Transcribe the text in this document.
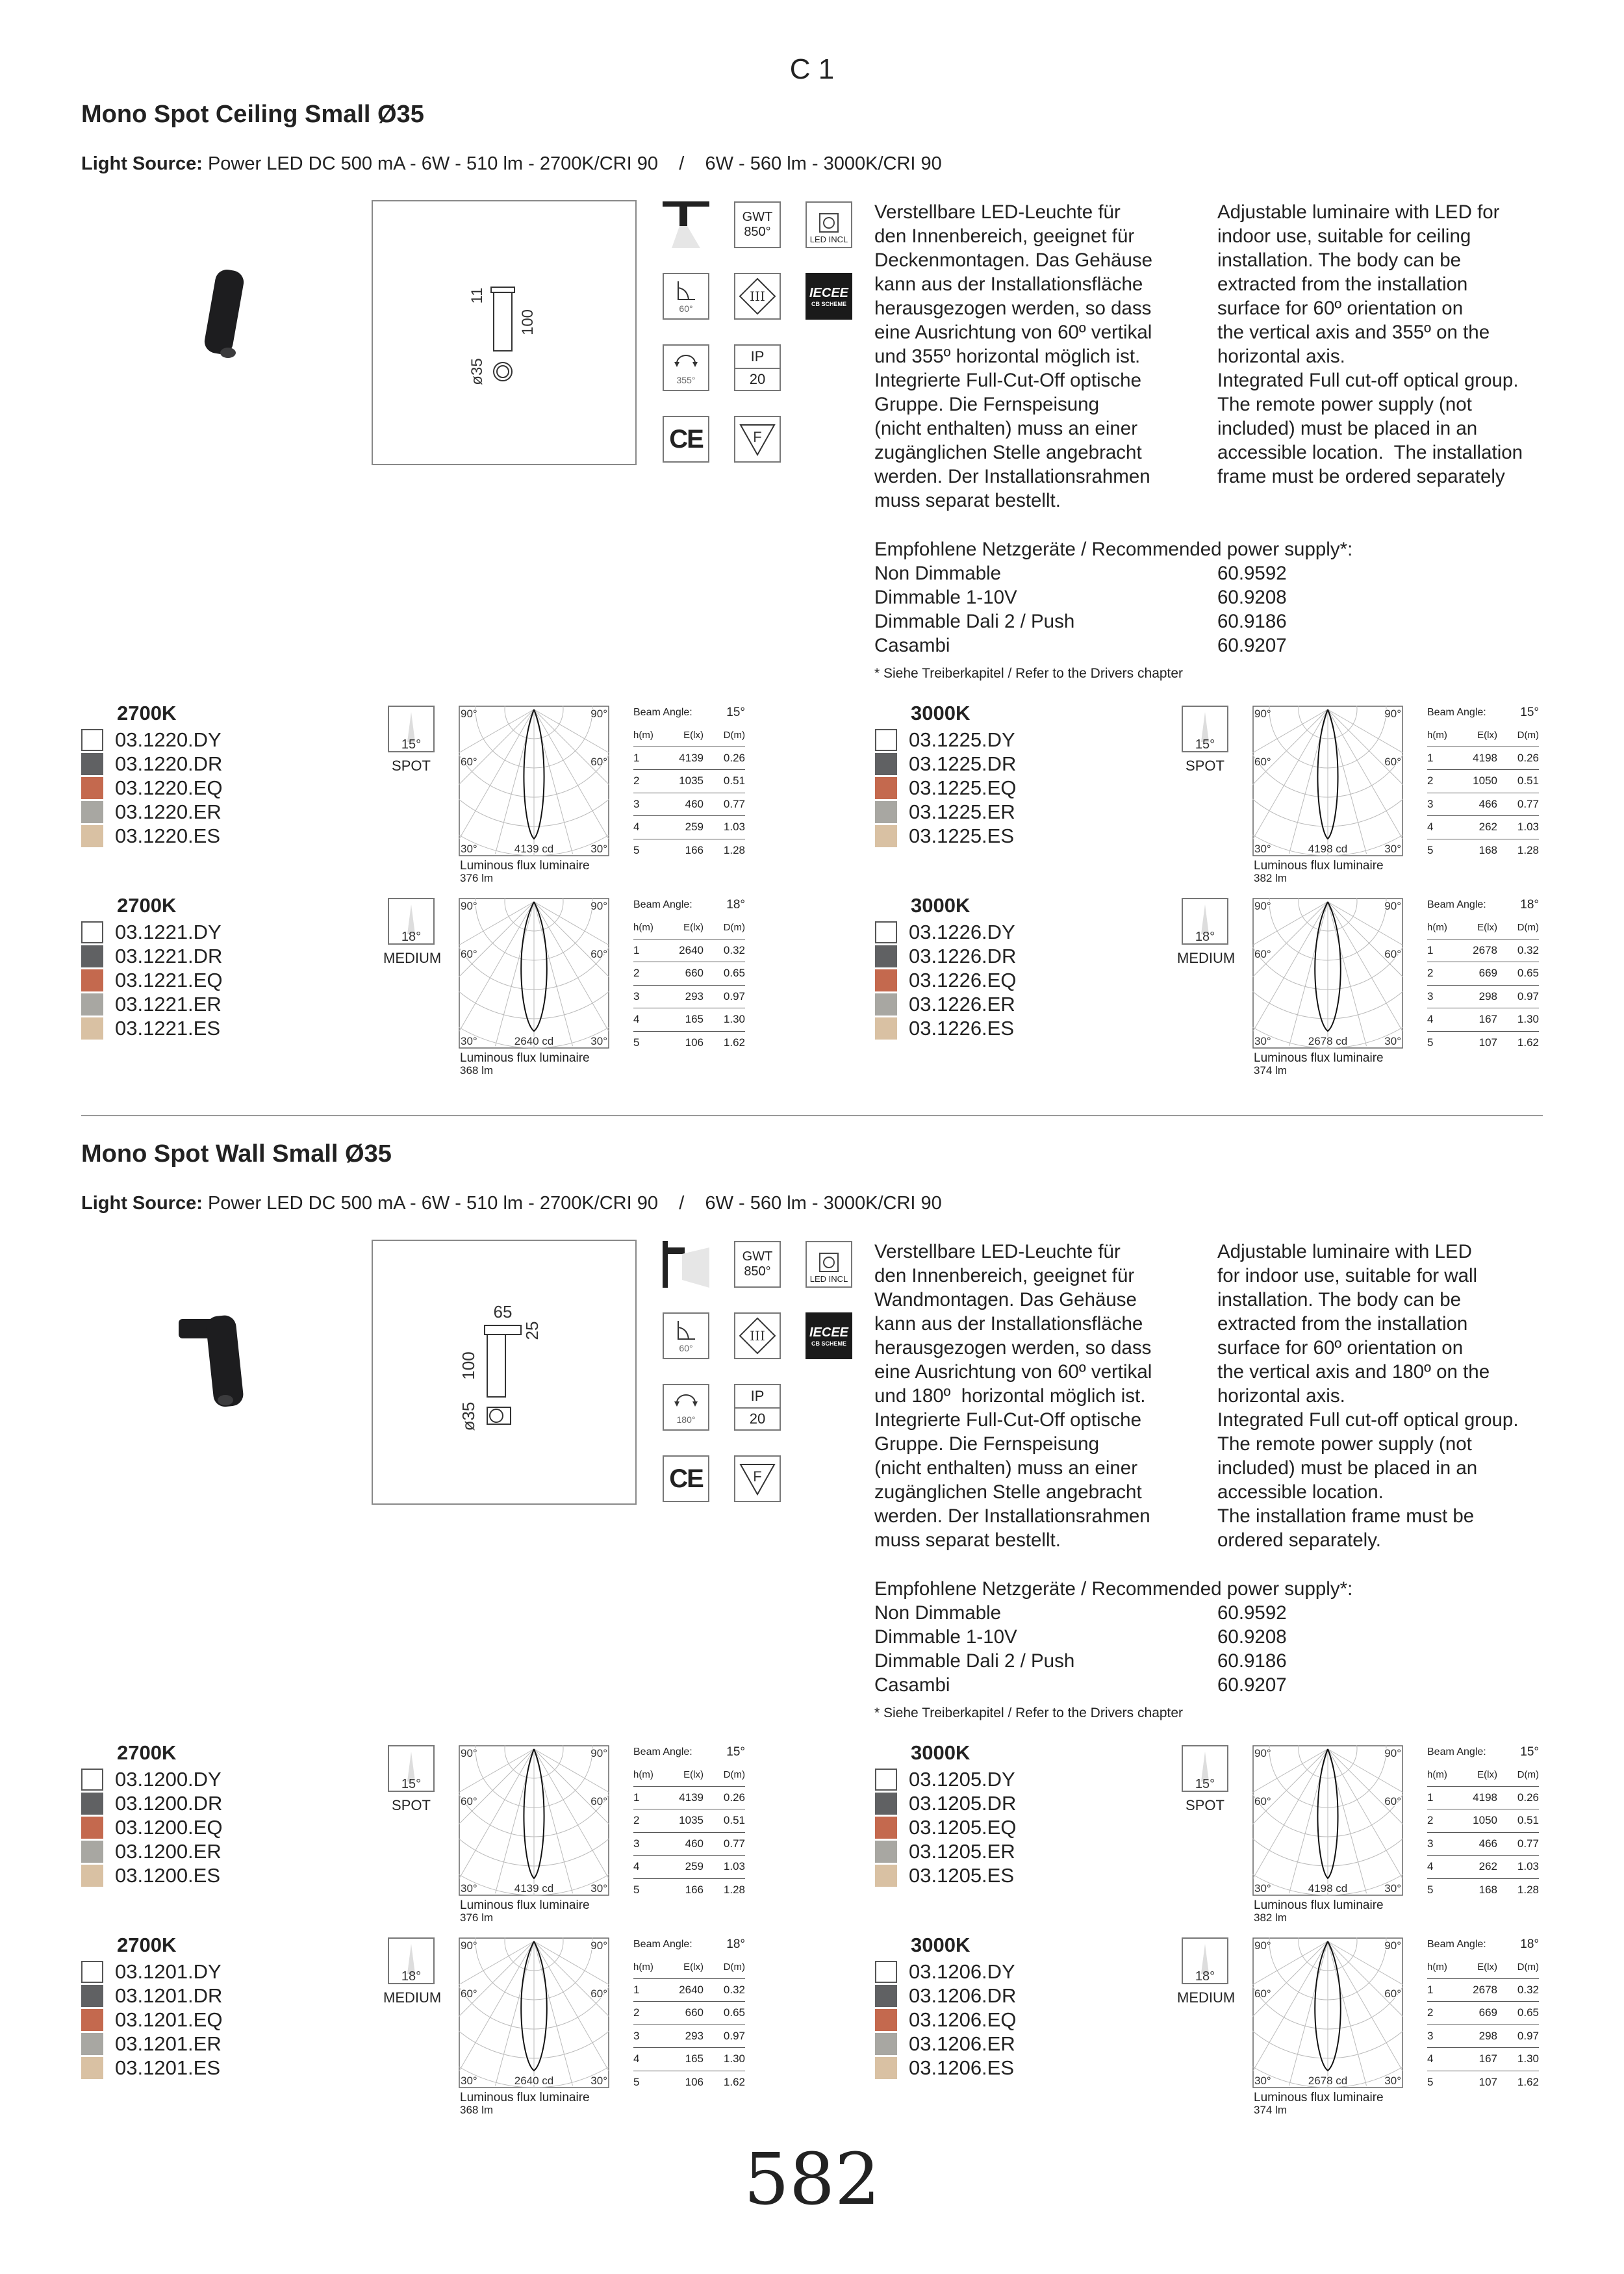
C 1
Mono Spot Ceiling Small Ø35
Light Source: Power LED DC 500 mA - 6W - 510 lm - 2700K/CRI 90    /    6W - 560 lm - 3000K/CRI 90
11
100
ø35
GWT
850°
LED INCL
60°
III	IECEE
CB SCHEME
355°
IP
20
CE	F
Verstellbare LED-Leuchte für
den Innenbereich, geeignet für
Deckenmontagen. Das Gehäuse
kann aus der Installationsfläche
herausgezogen werden, so dass
eine Ausrichtung von 60º vertikal
und 355º horizontal möglich ist.
Integrierte Full-Cut-Off optische
Gruppe. Die Fernspeisung
(nicht enthalten) muss an einer
zugänglichen Stelle angebracht
werden. Der Installationsrahmen
muss separat bestellt.
Adjustable luminaire with LED for
indoor use, suitable for ceiling
installation. The body can be
extracted from the installation
surface for 60º orientation on
the vertical axis and 355º on the
horizontal axis.
Integrated Full cut-off optical group.
The remote power supply (not
included) must be placed in an
accessible location.  The installation
frame must be ordered separately
Empfohlene Netzgeräte / Recommended power supply*:
Non Dimmable	60.9592
Dimmable 1-10V	60.9208
Dimmable Dali 2 / Push	60.9186
Casambi	60.9207
* Siehe Treiberkapitel / Refer to the Drivers chapter
2700K
03.1220.DY
03.1220.DR
03.1220.EQ
03.1220.ER
03.1220.ES
15°
SPOT
90°	90°
60°	60°
30°	30°
4139 cd
Luminous flux luminaire
376 lm
Beam Angle:	15°
h(m)	E(lx)	D(m)
1	4139	0.26
2	1035	0.51
3	460	0.77
4	259	1.03
5	166	1.28
3000K
03.1225.DY
03.1225.DR
03.1225.EQ
03.1225.ER
03.1225.ES
15°
SPOT
90°	90°
60°	60°
30°	30°
4198 cd
Luminous flux luminaire
382 lm
Beam Angle:	15°
h(m)	E(lx)	D(m)
1	4198	0.26
2	1050	0.51
3	466	0.77
4	262	1.03
5	168	1.28
2700K
03.1221.DY
03.1221.DR
03.1221.EQ
03.1221.ER
03.1221.ES
18°
MEDIUM
90°	90°
60°	60°
30°	30°
2640 cd
Luminous flux luminaire
368 lm
Beam Angle:	18°
h(m)	E(lx)	D(m)
1	2640	0.32
2	660	0.65
3	293	0.97
4	165	1.30
5	106	1.62
3000K
03.1226.DY
03.1226.DR
03.1226.EQ
03.1226.ER
03.1226.ES
18°
MEDIUM
90°	90°
60°	60°
30°	30°
2678 cd
Luminous flux luminaire
374 lm
Beam Angle:	18°
h(m)	E(lx)	D(m)
1	2678	0.32
2	669	0.65
3	298	0.97
4	167	1.30
5	107	1.62
Mono Spot Wall Small Ø35
Light Source: Power LED DC 500 mA - 6W - 510 lm - 2700K/CRI 90    /    6W - 560 lm - 3000K/CRI 90
65
100
ø35
25
GWT
850°
LED INCL
60°
III	IECEE
CB SCHEME
180°
IP
20
CE	F
Verstellbare LED-Leuchte für
den Innenbereich, geeignet für
Wandmontagen. Das Gehäuse
kann aus der Installationsfläche
herausgezogen werden, so dass
eine Ausrichtung von 60º vertikal
und 180º  horizontal möglich ist.
Integrierte Full-Cut-Off optische
Gruppe. Die Fernspeisung
(nicht enthalten) muss an einer
zugänglichen Stelle angebracht
werden. Der Installationsrahmen
muss separat bestellt.
Adjustable luminaire with LED
for indoor use, suitable for wall
installation. The body can be
extracted from the installation
surface for 60º orientation on
the vertical axis and 180º on the
horizontal axis.
Integrated Full cut-off optical group.
The remote power supply (not
included) must be placed in an
accessible location.
The installation frame must be
ordered separately.
Empfohlene Netzgeräte / Recommended power supply*:
Non Dimmable	60.9592
Dimmable 1-10V	60.9208
Dimmable Dali 2 / Push	60.9186
Casambi	60.9207
* Siehe Treiberkapitel / Refer to the Drivers chapter
2700K
03.1200.DY
03.1200.DR
03.1200.EQ
03.1200.ER
03.1200.ES
15°
SPOT
90°	90°
60°	60°
30°	30°
4139 cd
Luminous flux luminaire
376 lm
Beam Angle:	15°
h(m)	E(lx)	D(m)
1	4139	0.26
2	1035	0.51
3	460	0.77
4	259	1.03
5	166	1.28
3000K
03.1205.DY
03.1205.DR
03.1205.EQ
03.1205.ER
03.1205.ES
15°
SPOT
90°	90°
60°	60°
30°	30°
4198 cd
Luminous flux luminaire
382 lm
Beam Angle:	15°
h(m)	E(lx)	D(m)
1	4198	0.26
2	1050	0.51
3	466	0.77
4	262	1.03
5	168	1.28
2700K
03.1201.DY
03.1201.DR
03.1201.EQ
03.1201.ER
03.1201.ES
18°
MEDIUM
90°	90°
60°	60°
30°	30°
2640 cd
Luminous flux luminaire
368 lm
Beam Angle:	18°
h(m)	E(lx)	D(m)
1	2640	0.32
2	660	0.65
3	293	0.97
4	165	1.30
5	106	1.62
3000K
03.1206.DY
03.1206.DR
03.1206.EQ
03.1206.ER
03.1206.ES
18°
MEDIUM
90°	90°
60°	60°
30°	30°
2678 cd
Luminous flux luminaire
374 lm
Beam Angle:	18°
h(m)	E(lx)	D(m)
1	2678	0.32
2	669	0.65
3	298	0.97
4	167	1.30
5	107	1.62
582
